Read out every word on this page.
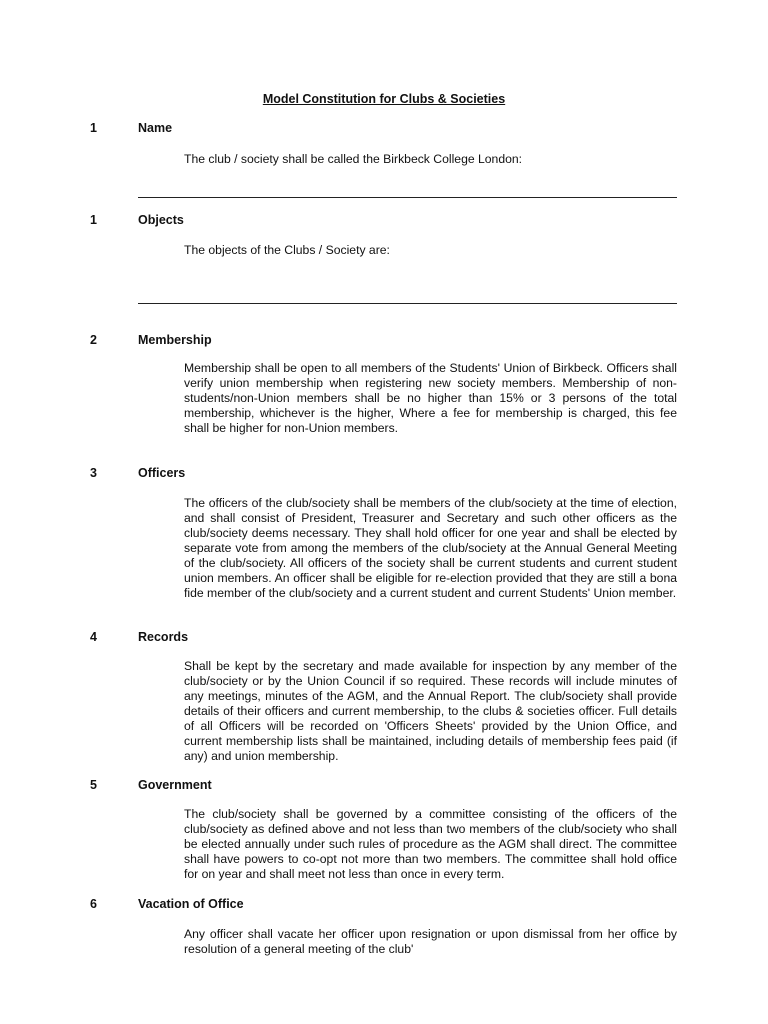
Model Constitution for Clubs & Societies
1	Name
The club / society shall be called the Birkbeck College London:
1	Objects
The objects of the Clubs / Society are:
2	Membership
Membership shall be open to all members of the Students' Union of Birkbeck. Officers shall verify union membership when registering new society members. Membership of non-students/non-Union members shall be no higher than 15% or 3 persons of the total membership, whichever is the higher, Where a fee for membership is charged, this fee shall be higher for non-Union members.
3	Officers
The officers of the club/society shall be members of the club/society at the time of election, and shall consist of President, Treasurer and Secretary and such other officers as the club/society deems necessary. They shall hold officer for one year and shall be elected by separate vote from among the members of the club/society at the Annual General Meeting of the club/society. All officers of the society shall be current students and current student union members. An officer shall be eligible for re-election provided that they are still a bona fide member of the club/society and a current student and current Students' Union member.
4	Records
Shall be kept by the secretary and made available for inspection by any member of the club/society or by the Union Council if so required. These records will include minutes of any meetings, minutes of the AGM, and the Annual Report. The club/society shall provide details of their officers and current membership, to the clubs & societies officer. Full details of all Officers will be recorded on 'Officers Sheets' provided by the Union Office, and current membership lists shall be maintained, including details of membership fees paid (if any) and union membership.
5	Government
The club/society shall be governed by a committee consisting of the officers of the club/society as defined above and not less than two members of the club/society who shall be elected annually under such rules of procedure as the AGM shall direct. The committee shall have powers to co-opt not more than two members. The committee shall hold office for on year and shall meet not less than once in every term.
6	Vacation of Office
Any officer shall vacate her officer upon resignation or upon dismissal from her office by resolution of a general meeting of the club'
